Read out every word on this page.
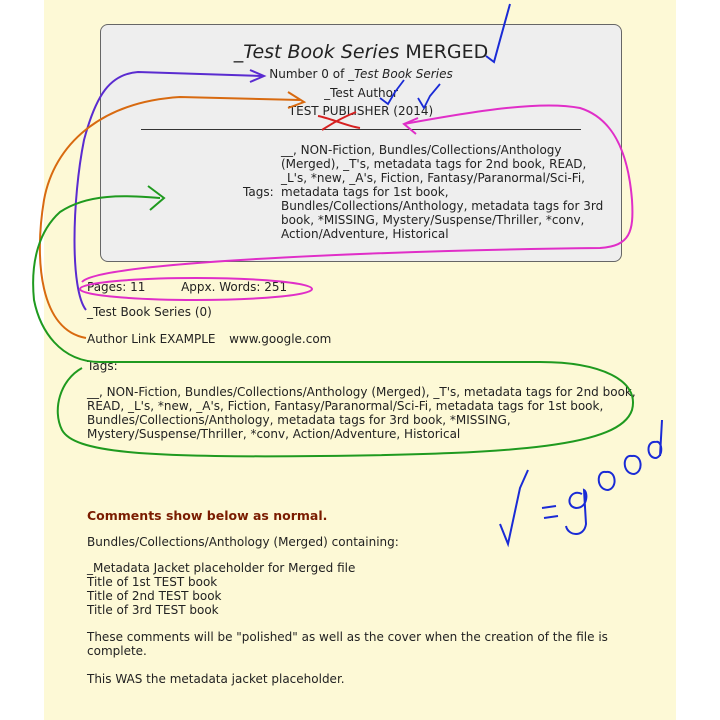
_Test Book Series MERGED
Number 0 of _Test Book Series
_Test Author
TEST PUBLISHER (2014)
Tags:
__, NON-Fiction, Bundles/Collections/Anthology (Merged), _T's, metadata tags for 2nd book, READ, _L's, *new, _A's, Fiction, Fantasy/Paranormal/Sci-Fi, metadata tags for 1st book, Bundles/Collections/Anthology, metadata tags for 3rd book, *MISSING, Mystery/Suspense/Thriller, *conv, Action/Adventure, Historical
Pages: 11	Appx. Words: 251
_Test Book Series (0)
Author Link EXAMPLE www.google.com
Tags:
__, NON-Fiction, Bundles/Collections/Anthology (Merged), _T's, metadata tags for 2nd book, READ, _L's, *new, _A's, Fiction, Fantasy/Paranormal/Sci-Fi, metadata tags for 1st book, Bundles/Collections/Anthology, metadata tags for 3rd book, *MISSING, Mystery/Suspense/Thriller, *conv, Action/Adventure, Historical
Comments show below as normal.
Bundles/Collections/Anthology (Merged) containing:
_Metadata Jacket placeholder for Merged file
Title of 1st TEST book
Title of 2nd TEST book
Title of 3rd TEST book
These comments will be "polished" as well as the cover when the creation of the file is complete.
This WAS the metadata jacket placeholder.
